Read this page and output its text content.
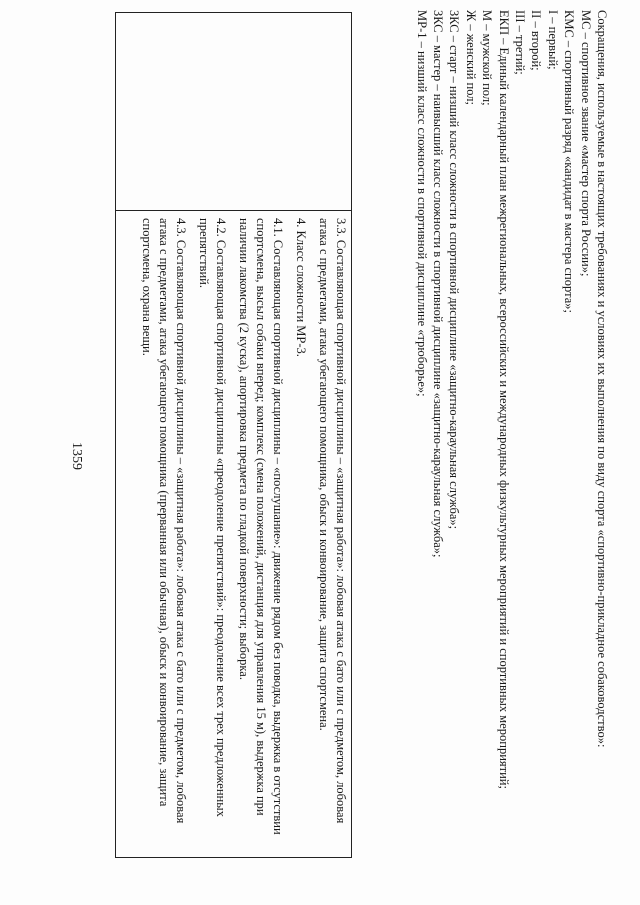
1359	3.3. Составляющая спортивной дисциплины – «защитная работа»: лобовая атака с бато или с предметом, лобовая атака с предметами, атака убегающего помощника, обыск и конвоирование, защита спортсмена.

4. Класс сложности МР-3.

4.1. Составляющая спортивной дисциплины – «послушание»: движение рядом без поводка, выдержка в отсутствии спортсмена, высыл собаки вперед; комплекс (смена положений, дистанция для управления 15 м), выдержка при наличии лакомства (2 куска), апортировка предмета по гладкой поверхности; выборка.

4.2. Составляющая спортивной дисциплины «преодоление препятствий»: преодоление всех трех предложенных препятствий.

4.3. Составляющая спортивной дисциплины – «защитная работа»: лобовая атака с бато или с предметом, лобовая атака с предметами, атака убегающего помощника (прерванная или обычная), обыск и конвоирование, защита спортсмена, охрана вещи.	Сокращения, используемые в настоящих требованиях и условиях их выполнения по виду спорта «спортивно-прикладное собаководство»:

МС – спортивное звание «мастер спорта России»;

КМС – спортивный разряд «кандидат в мастера спорта»;

I – первый;

II – второй;

III – третий;

ЕКП – Единый календарный план межрегиональных, всероссийских и международных физкультурных мероприятий и спортивных мероприятий;

М – мужской пол;

Ж – женский пол;

ЗКС – старт – низший класс сложности в спортивной дисциплине «защитно-караульная служба»;

ЗКС – мастер – наивысший класс сложности в спортивной дисциплине «защитно-караульная служба»;

МР-1 – низший класс сложности в спортивной дисциплине «трюборье»;
